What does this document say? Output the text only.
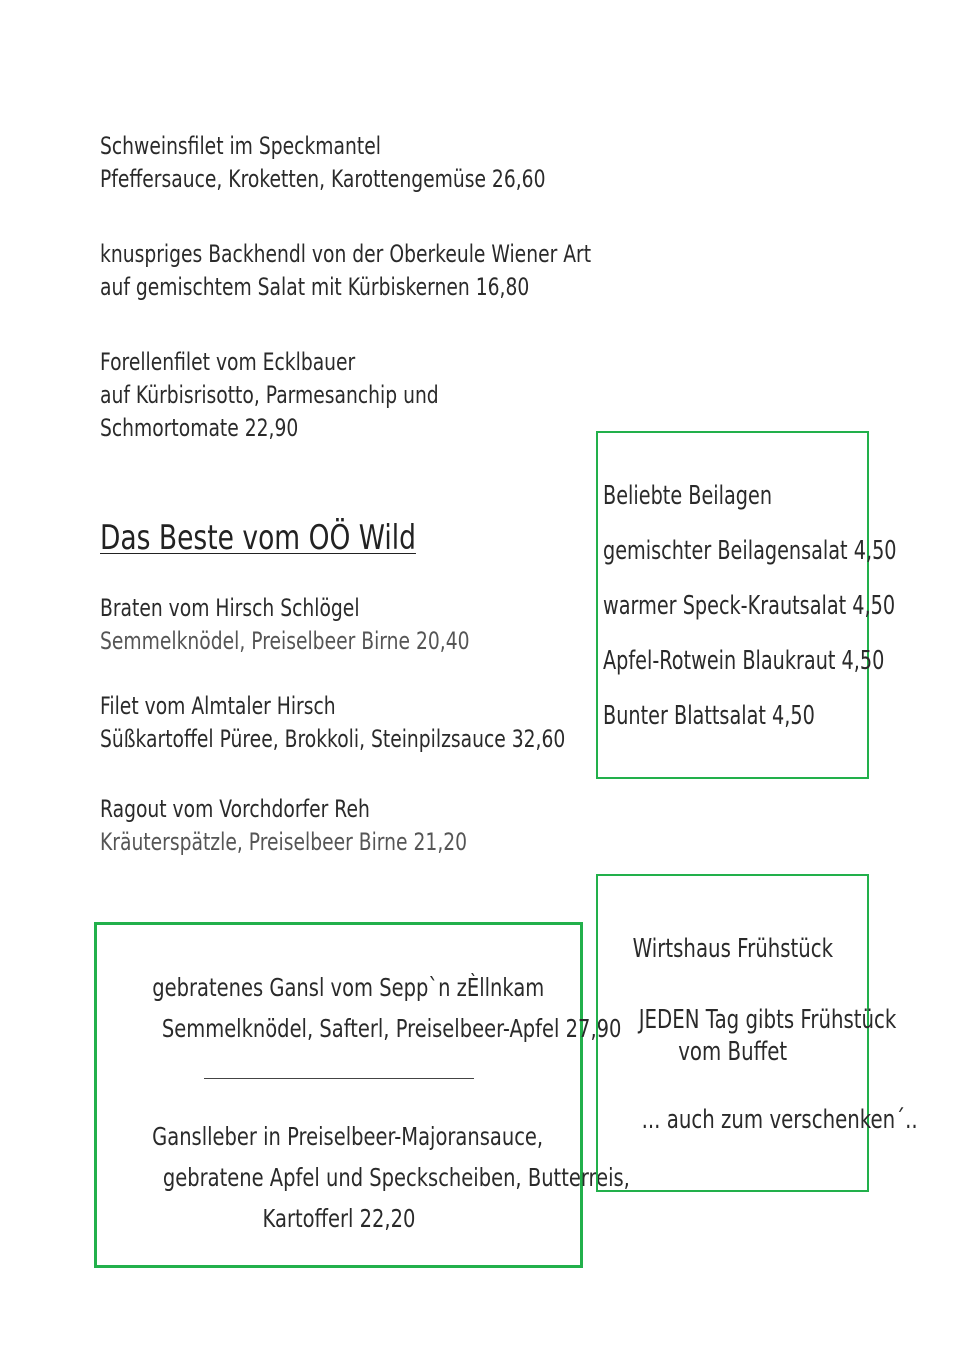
Schweinsfilet im Speckmantel
Pfeffersauce, Kroketten, Karottengemüse 26,60
knuspriges Backhendl von der Oberkeule Wiener Art
auf gemischtem Salat mit Kürbiskernen 16,80
Forellenfilet vom Ecklbauer
auf Kürbisrisotto, Parmesanchip und
Schmortomate 22,90
Das Beste vom OÖ Wild
Braten vom Hirsch Schlögel
Semmelknödel, Preiselbeer Birne 20,40
Filet vom Almtaler Hirsch
Süßkartoffel Püree, Brokkoli, Steinpilzsauce 32,60
Ragout vom Vorchdorfer Reh
Kräuterspätzle, Preiselbeer Birne 21,20
Beliebte Beilagen
gemischter Beilagensalat 4,50
warmer Speck-Krautsalat 4,50
Apfel-Rotwein Blaukraut 4,50
Bunter Blattsalat 4,50
gebratenes Gansl vom Sepp`n zÈllnkam
Semmelknödel, Safterl, Preiselbeer-Apfel 27,90
Ganslleber in Preiselbeer-Majoransauce,
gebratene Apfel und Speckscheiben, Butterreis,
Kartofferl 22,20
Wirtshaus Frühstück
JEDEN Tag gibts Frühstück
vom Buffet
... auch zum verschenken´..
